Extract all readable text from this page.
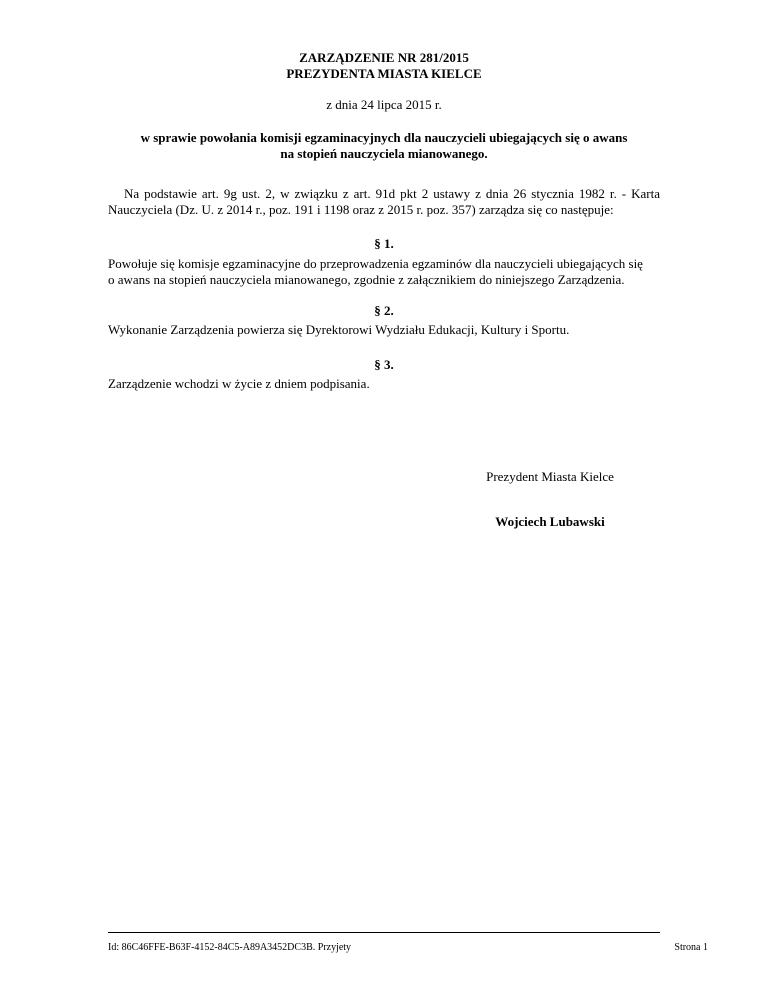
ZARZĄDZENIE NR 281/2015
PREZYDENTA MIASTA KIELCE
z dnia 24 lipca 2015 r.
w sprawie powołania komisji egzaminacyjnych dla nauczycieli ubiegających się o awans
na stopień nauczyciela mianowanego.
Na podstawie art. 9g ust. 2, w związku z art. 91d pkt 2 ustawy z dnia 26 stycznia 1982 r. - Karta Nauczyciela (Dz. U. z 2014 r., poz. 191 i 1198 oraz z 2015 r. poz. 357) zarządza się co następuje:
§ 1.
Powołuje się komisje egzaminacyjne do przeprowadzenia egzaminów dla nauczycieli ubiegających się
o awans na stopień nauczyciela mianowanego, zgodnie z załącznikiem do niniejszego Zarządzenia.
§ 2.
Wykonanie Zarządzenia powierza się Dyrektorowi Wydziału Edukacji, Kultury i Sportu.
§ 3.
Zarządzenie wchodzi w życie z dniem podpisania.
Prezydent Miasta Kielce
Wojciech Lubawski
Id: 86C46FFE-B63F-4152-84C5-A89A3452DC3B. Przyjety	Strona 1
